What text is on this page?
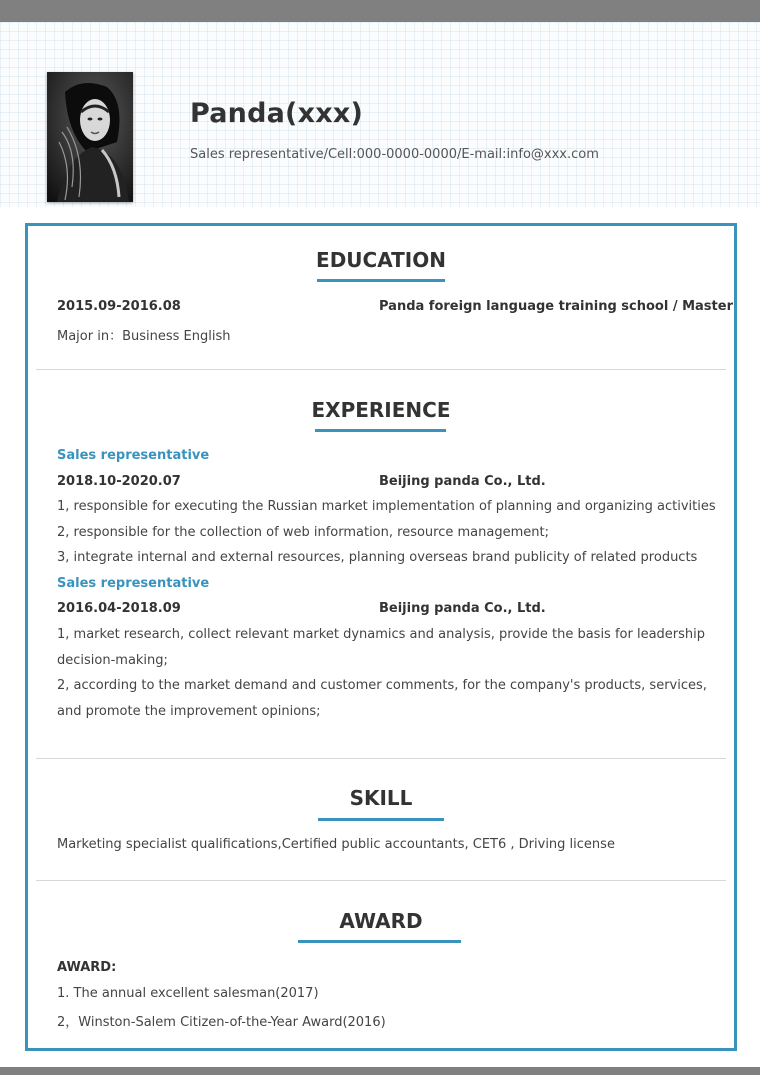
Panda(xxx)
Sales representative/Cell:000-0000-0000/E-mail:info@xxx.com
EDUCATION
2015.09-2016.08	Panda foreign language training school / Master
Major in：Business English
EXPERIENCE
Sales representative
2018.10-2020.07	Beijing panda Co., Ltd.
1, responsible for executing the Russian market implementation of planning and organizing activities
2, responsible for the collection of web information, resource management;
3, integrate internal and external resources, planning overseas brand publicity of related products
Sales representative
2016.04-2018.09	Beijing panda Co., Ltd.
1, market research, collect relevant market dynamics and analysis, provide the basis for leadership
decision-making;
2, according to the market demand and customer comments, for the company's products, services,
and promote the improvement opinions;
SKILL
Marketing specialist qualifications,Certified public accountants, CET6 , Driving license
AWARD
AWARD:
1. The annual excellent salesman(2017)
2，Winston-Salem Citizen-of-the-Year Award(2016)
